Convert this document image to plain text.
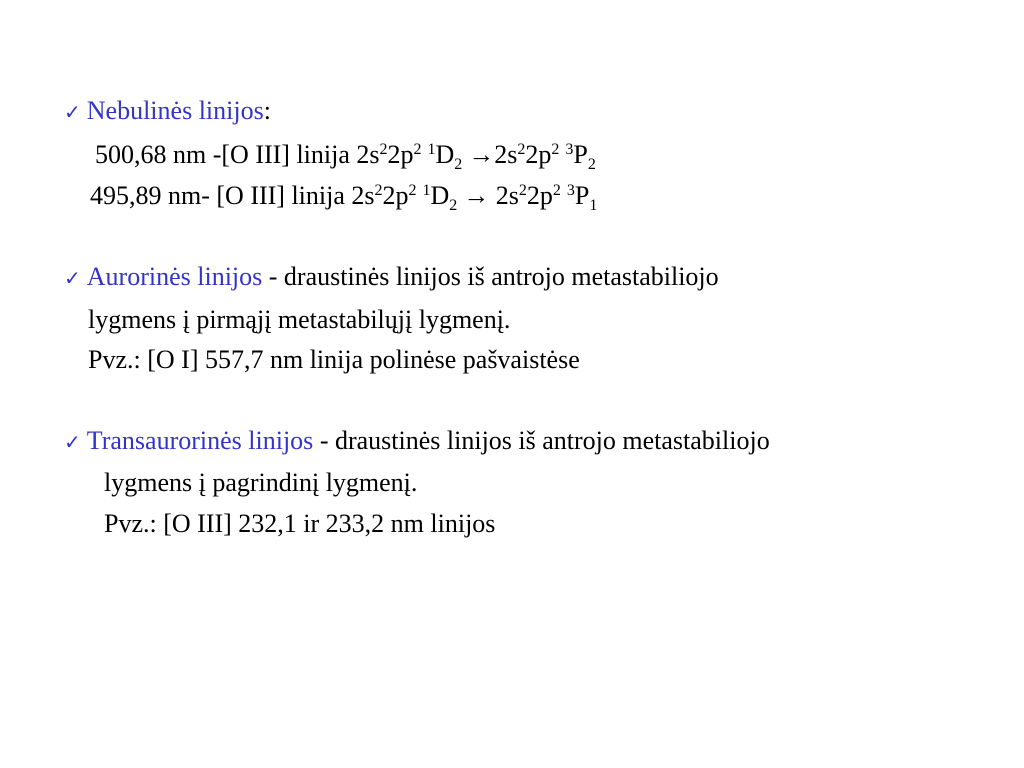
✓ Nebulinės linijos:
500,68 nm -[O III] linija $2s^22p^2$ $^1D_2 \to 2s^22p^2$ $^3P_2$
495,89 nm- [O III] linija $2s^22p^2$ $^1D_2 \to 2s^22p^2$ $^3P_1$
✓ Aurorinės linijos - draustinės linijos iš antrojo metastabiliojo
lygmens į pirmąjį metastabilųjį lygmenį.
Pvz.: [O I] 557,7 nm linija polinėse pašvaistėse
✓ Transaurorinės linijos - draustinės linijos iš antrojo metastabiliojo
lygmens į pagrindinį lygmenį.
Pvz.: [O III] 232,1 ir 233,2 nm linijos
